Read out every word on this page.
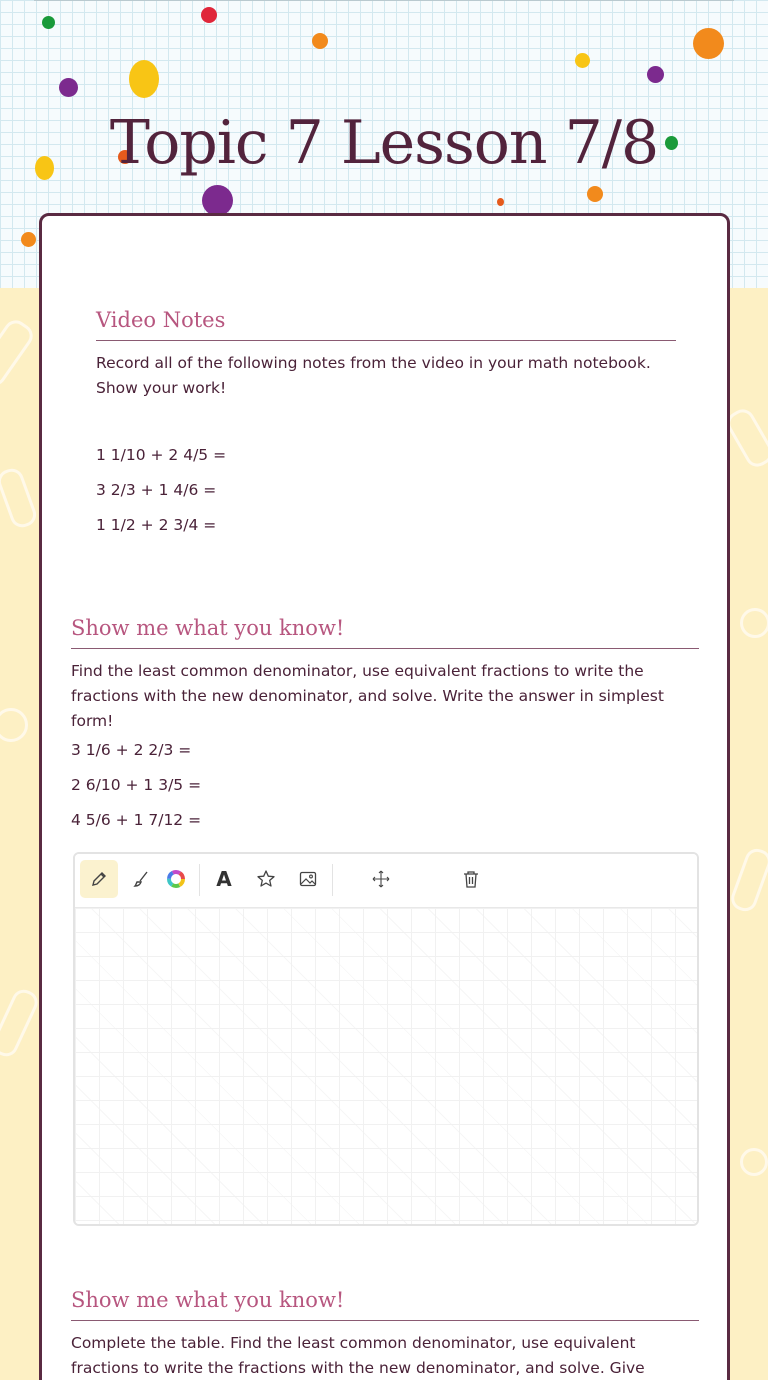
Topic 7 Lesson 7/8
Video Notes

Record all of the following notes from the video in your math notebook. Show your work!

1 1/10 + 2 4/5 =
3 2/3 + 1 4/6 =
1 1/2 + 2 3/4 =
Show me what you know!

Find the least common denominator, use equivalent fractions to write the fractions with the new denominator, and solve. Write the answer in simplest form!

3 1/6 + 2 2/3 =
2 6/10 + 1 3/5 =
4 5/6 + 1 7/12 =
A
Show me what you know!

Complete the table. Find the least common denominator, use equivalent fractions to write the fractions with the new denominator, and solve. Give
